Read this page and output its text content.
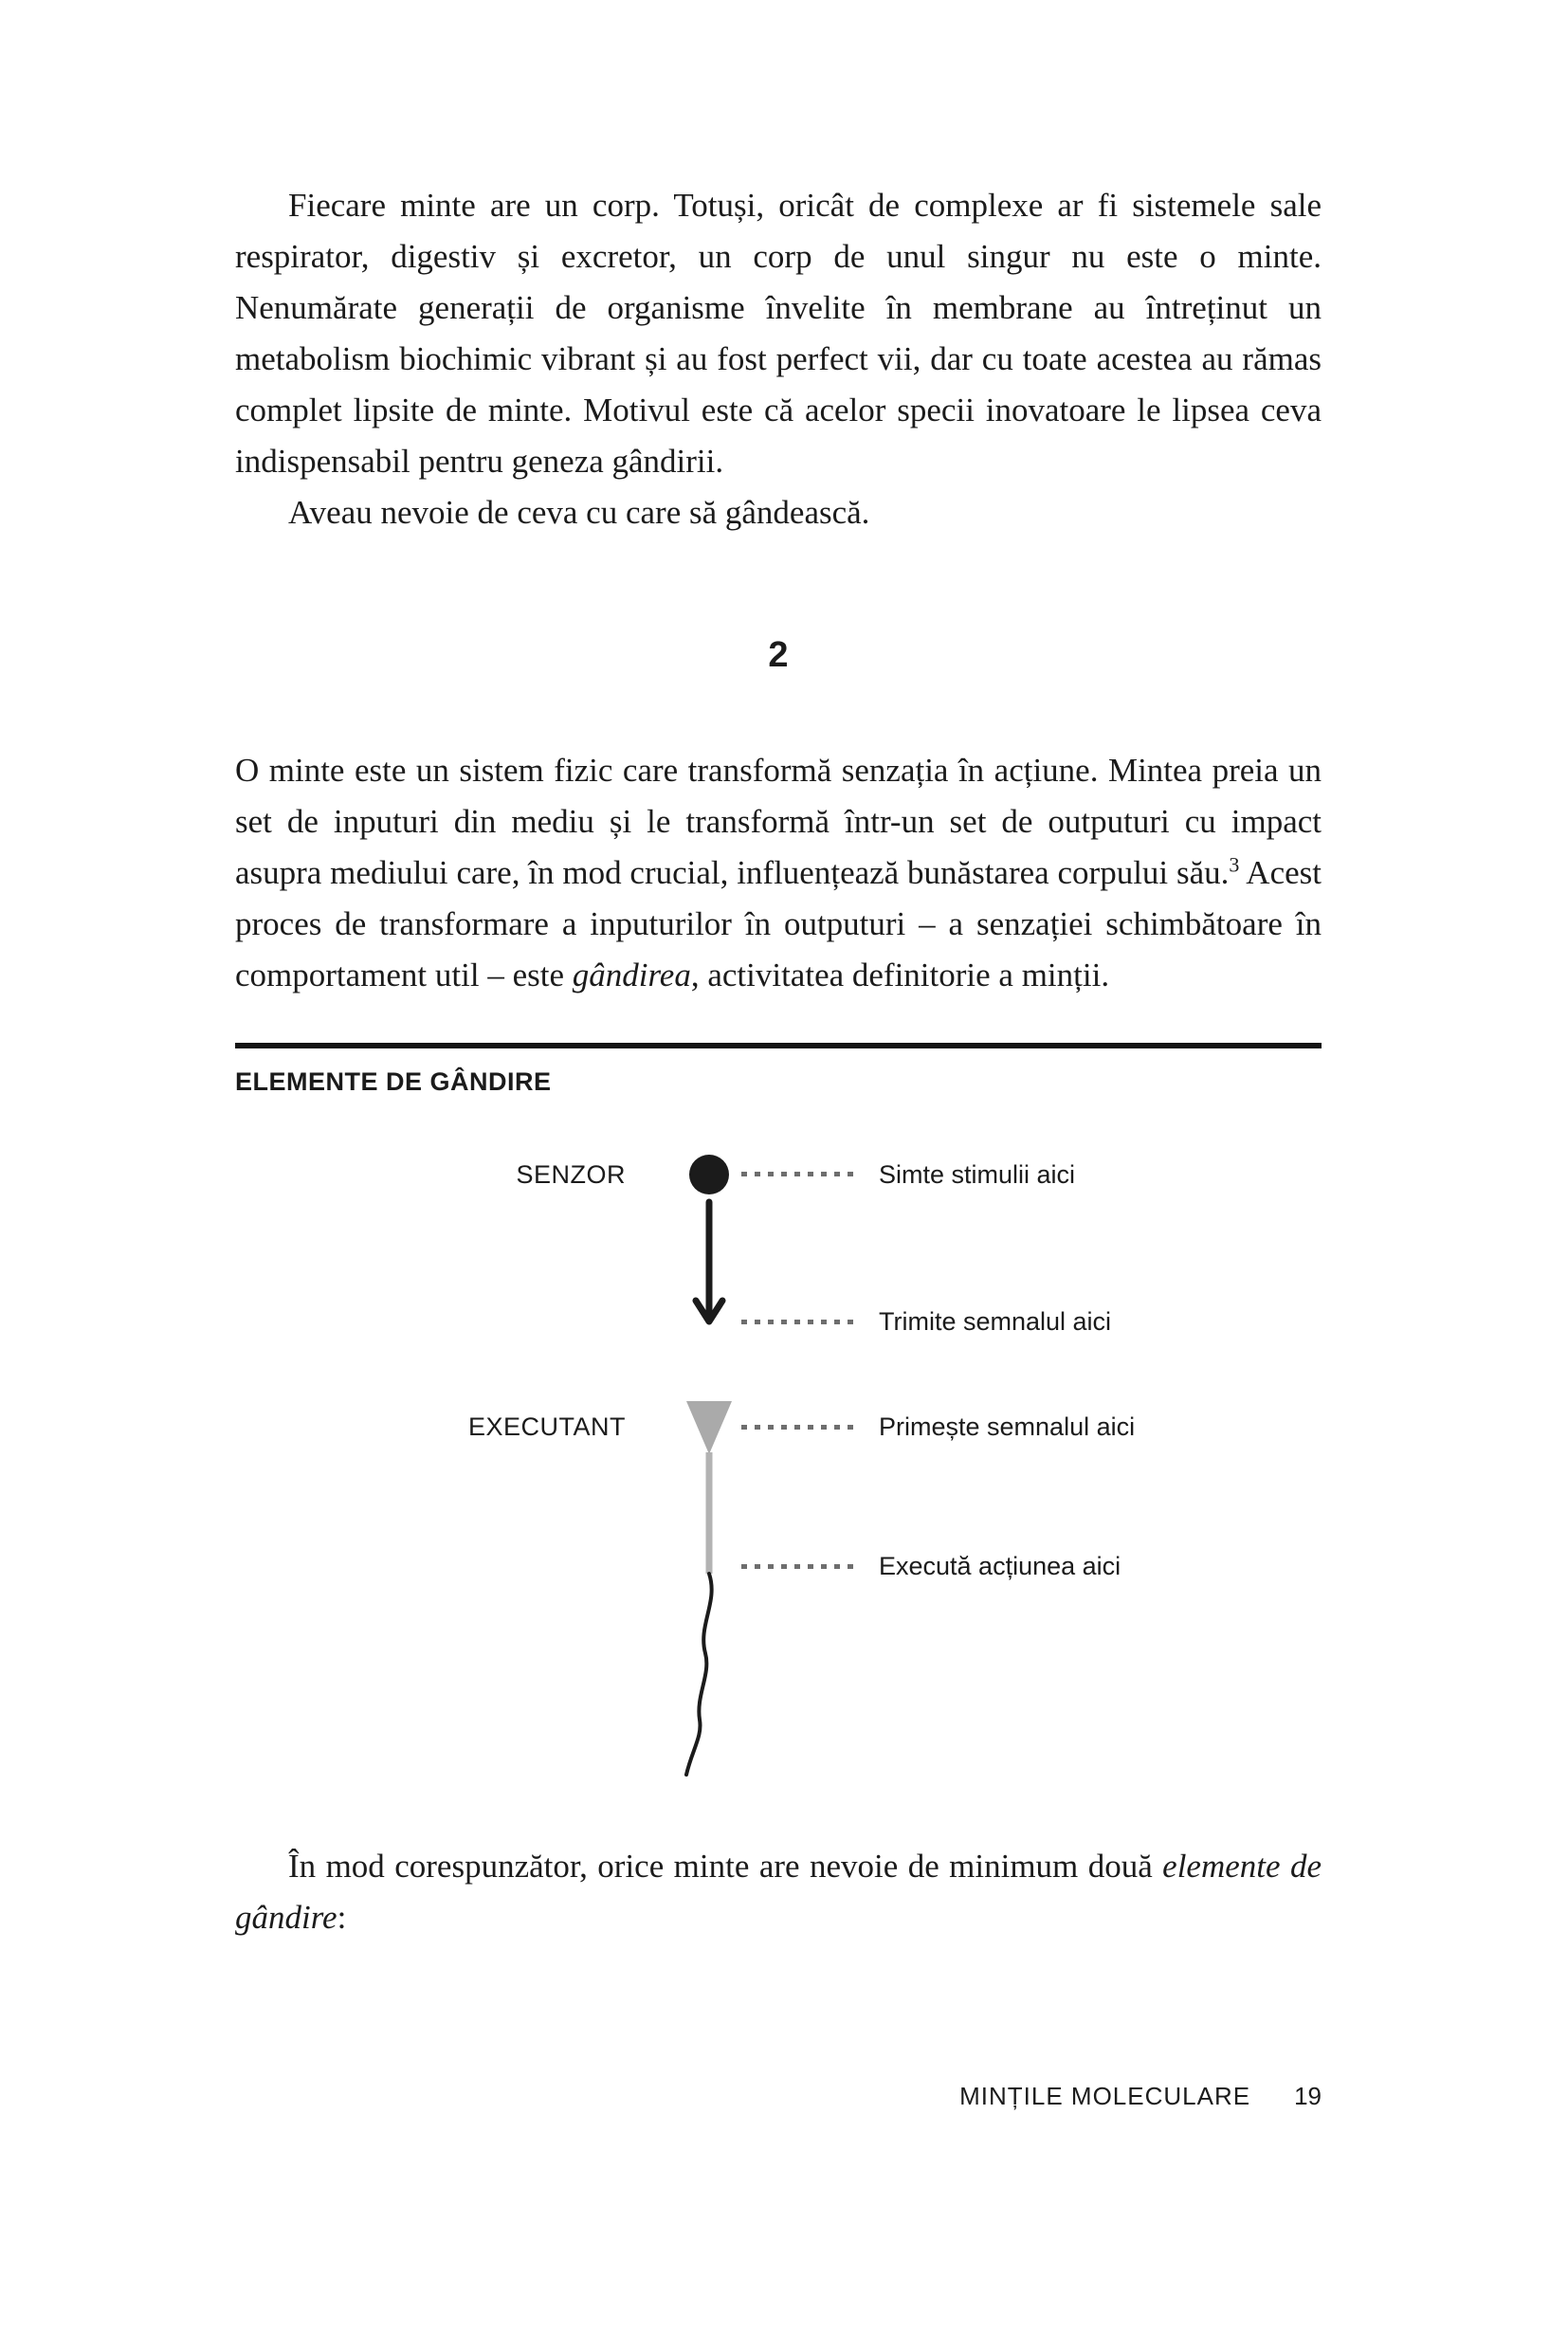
Fiecare minte are un corp. Totuși, oricât de complexe ar fi sistemele sale respirator, digestiv și excretor, un corp de unul singur nu este o minte. Nenumărate generații de organisme învelite în membrane au întreținut un metabolism biochimic vibrant și au fost perfect vii, dar cu toate acestea au rămas complet lipsite de minte. Motivul este că acelor specii inovatoare le lipsea ceva indispensabil pentru geneza gândirii.

Aveau nevoie de ceva cu care să gândească.

2

O minte este un sistem fizic care transformă senzația în acțiune. Mintea preia un set de inputuri din mediu și le transformă într-un set de outputuri cu impact asupra mediului care, în mod crucial, influențează bunăstarea corpului său.$^3$ Acest proces de transformare a inputurilor în outputuri – a senzației schimbătoare în comportament util – este gândirea, activitatea definitorie a minții.

ELEMENTE DE GÂNDIRE
SENZOR
EXECUTANT
Simte stimulii aici
Trimite semnalul aici
Primește semnalul aici
Execută acțiunea aici

În mod corespunzător, orice minte are nevoie de minimum două elemente de gândire:

MINȚILE MOLECULARE 19
